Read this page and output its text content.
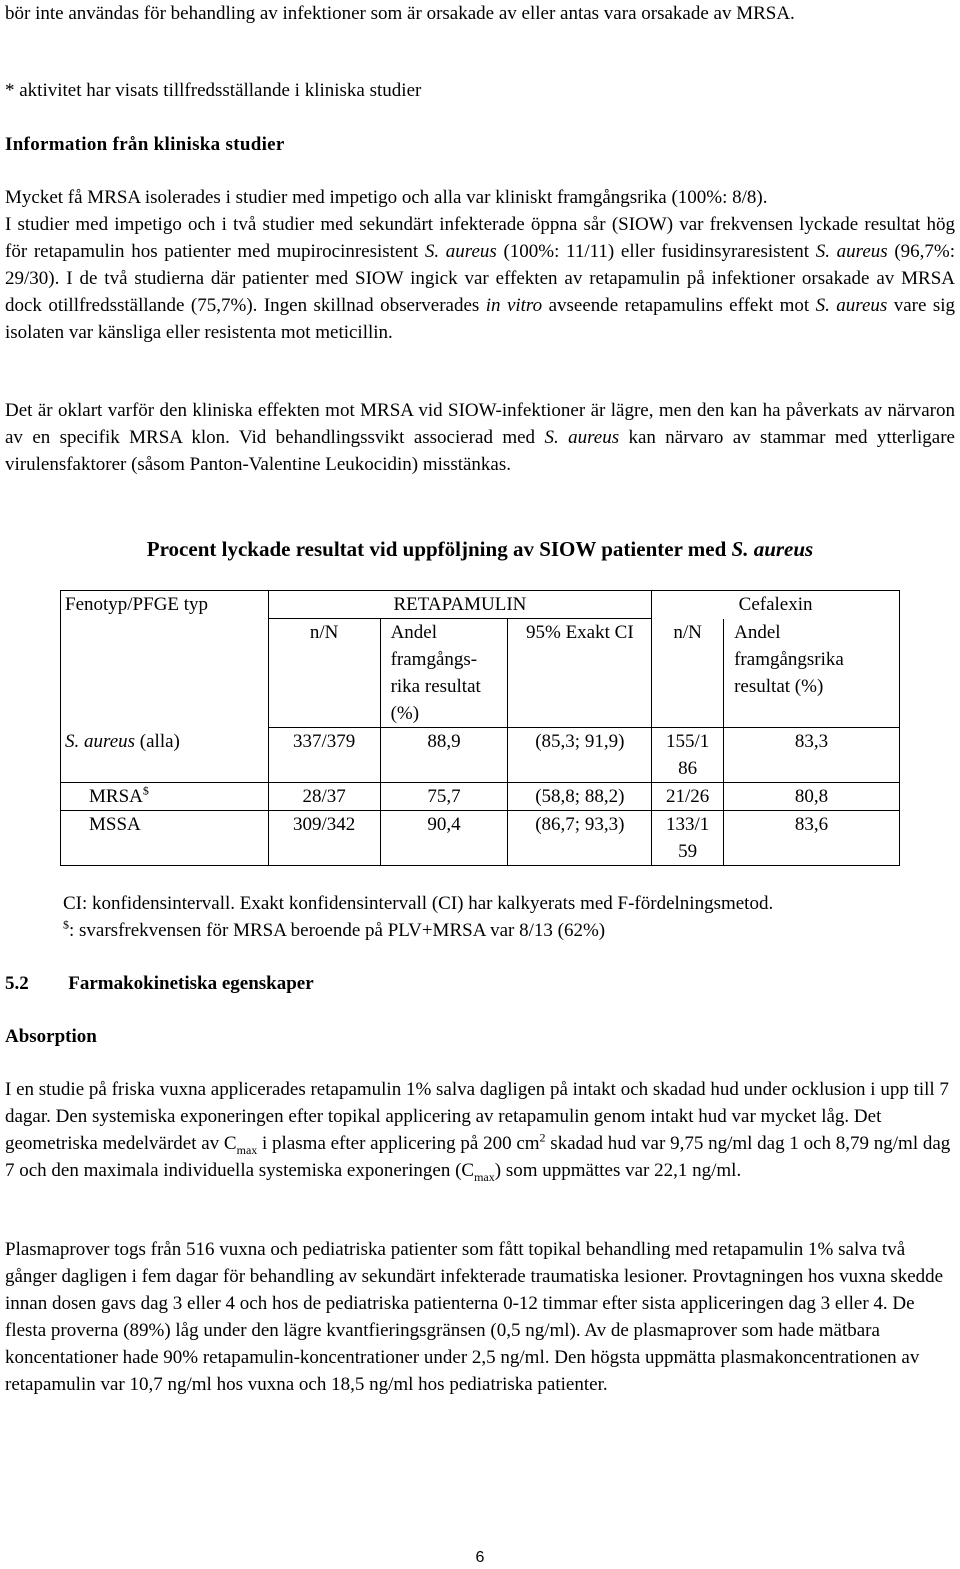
bör inte användas för behandling av infektioner som är orsakade av eller antas vara orsakade av MRSA.
* aktivitet har visats tillfredsställande i kliniska studier
Information från kliniska studier
Mycket få MRSA isolerades i studier med impetigo och alla var kliniskt framgångsrika (100%: 8/8).
I studier med impetigo och i två studier med sekundärt infekterade öppna sår (SIOW) var frekvensen lyckade resultat hög för retapamulin hos patienter med mupirocinresistent S. aureus (100%: 11/11) eller fusidinsyraresistent S. aureus (96,7%: 29/30). I de två studierna där patienter med SIOW ingick var effekten av retapamulin på infektioner orsakade av MRSA dock otillfredsställande (75,7%). Ingen skillnad observerades in vitro avseende retapamulins effekt mot S. aureus vare sig isolaten var känsliga eller resistenta mot meticillin.
Det är oklart varför den kliniska effekten mot MRSA vid SIOW-infektioner är lägre, men den kan ha påverkats av närvaron av en specifik MRSA klon. Vid behandlingssvikt associerad med S. aureus kan närvaro av stammar med ytterligare virulensfaktorer (såsom Panton-Valentine Leukocidin) misstänkas.
Procent lyckade resultat vid uppföljning av SIOW patienter med S. aureus
Fenotyp/PFGE typ	RETAPAMULIN			Cefalexin	
	n/N	Andel framgångs- rika resultat (%)	95% Exakt CI	n/N	Andel framgångsrika resultat (%)
S. aureus (alla)	337/379	88,9	(85,3; 91,9)	155/1 86	83,3
MRSA$	28/37	75,7	(58,8; 88,2)	21/26	80,8
MSSA	309/342	90,4	(86,7; 93,3)	133/1 59	83,6
CI: konfidensintervall. Exakt konfidensintervall (CI) har kalkyerats med F-fördelningsmetod.
$: svarsfrekvensen för MRSA beroende på PLV+MRSA var 8/13 (62%)
5.2 Farmakokinetiska egenskaper
Absorption
I en studie på friska vuxna applicerades retapamulin 1% salva dagligen på intakt och skadad hud under ocklusion i upp till 7 dagar. Den systemiska exponeringen efter topikal applicering av retapamulin genom intakt hud var mycket låg. Det geometriska medelvärdet av $C_{max}$ i plasma efter applicering på 200 $cm^2$ skadad hud var 9,75 ng/ml dag 1 och 8,79 ng/ml dag 7 och den maximala individuella systemiska exponeringen $(C_{max})$ som uppmättes var 22,1 ng/ml.
Plasmaprover togs från 516 vuxna och pediatriska patienter som fått topikal behandling med retapamulin 1% salva två gånger dagligen i fem dagar för behandling av sekundärt infekterade traumatiska lesioner. Provtagningen hos vuxna skedde innan dosen gavs dag 3 eller 4 och hos de pediatriska patienterna 0-12 timmar efter sista appliceringen dag 3 eller 4. De flesta proverna (89%) låg under den lägre kvantfieringsgränsen (0,5 ng/ml). Av de plasmaprover som hade mätbara koncentationer hade 90% retapamulin-koncentrationer under 2,5 ng/ml. Den högsta uppmätta plasmakoncentrationen av retapamulin var 10,7 ng/ml hos vuxna och 18,5 ng/ml hos pediatriska patienter.
6
